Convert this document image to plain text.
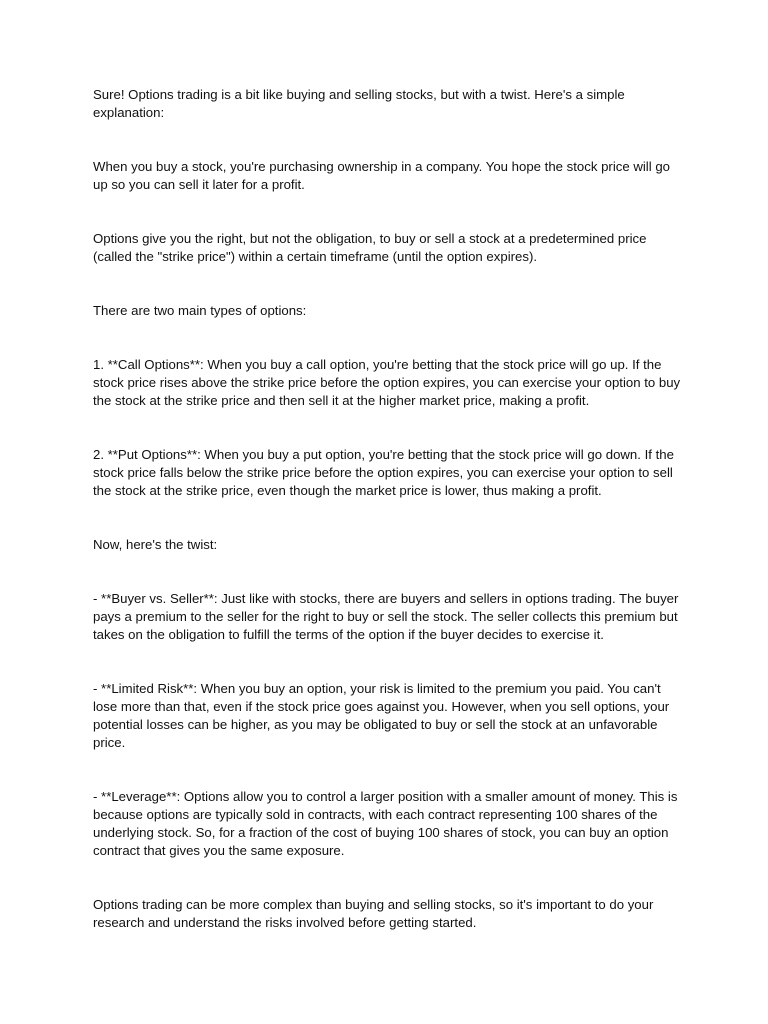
Sure! Options trading is a bit like buying and selling stocks, but with a twist. Here's a simple explanation:

When you buy a stock, you're purchasing ownership in a company. You hope the stock price will go up so you can sell it later for a profit.

Options give you the right, but not the obligation, to buy or sell a stock at a predetermined price (called the "strike price") within a certain timeframe (until the option expires).

There are two main types of options:

1. **Call Options**: When you buy a call option, you're betting that the stock price will go up. If the stock price rises above the strike price before the option expires, you can exercise your option to buy the stock at the strike price and then sell it at the higher market price, making a profit.

2. **Put Options**: When you buy a put option, you're betting that the stock price will go down. If the stock price falls below the strike price before the option expires, you can exercise your option to sell the stock at the strike price, even though the market price is lower, thus making a profit.

Now, here's the twist:

- **Buyer vs. Seller**: Just like with stocks, there are buyers and sellers in options trading. The buyer pays a premium to the seller for the right to buy or sell the stock. The seller collects this premium but takes on the obligation to fulfill the terms of the option if the buyer decides to exercise it.

- **Limited Risk**: When you buy an option, your risk is limited to the premium you paid. You can't lose more than that, even if the stock price goes against you. However, when you sell options, your potential losses can be higher, as you may be obligated to buy or sell the stock at an unfavorable price.

- **Leverage**: Options allow you to control a larger position with a smaller amount of money. This is because options are typically sold in contracts, with each contract representing 100 shares of the underlying stock. So, for a fraction of the cost of buying 100 shares of stock, you can buy an option contract that gives you the same exposure.

Options trading can be more complex than buying and selling stocks, so it's important to do your research and understand the risks involved before getting started.
